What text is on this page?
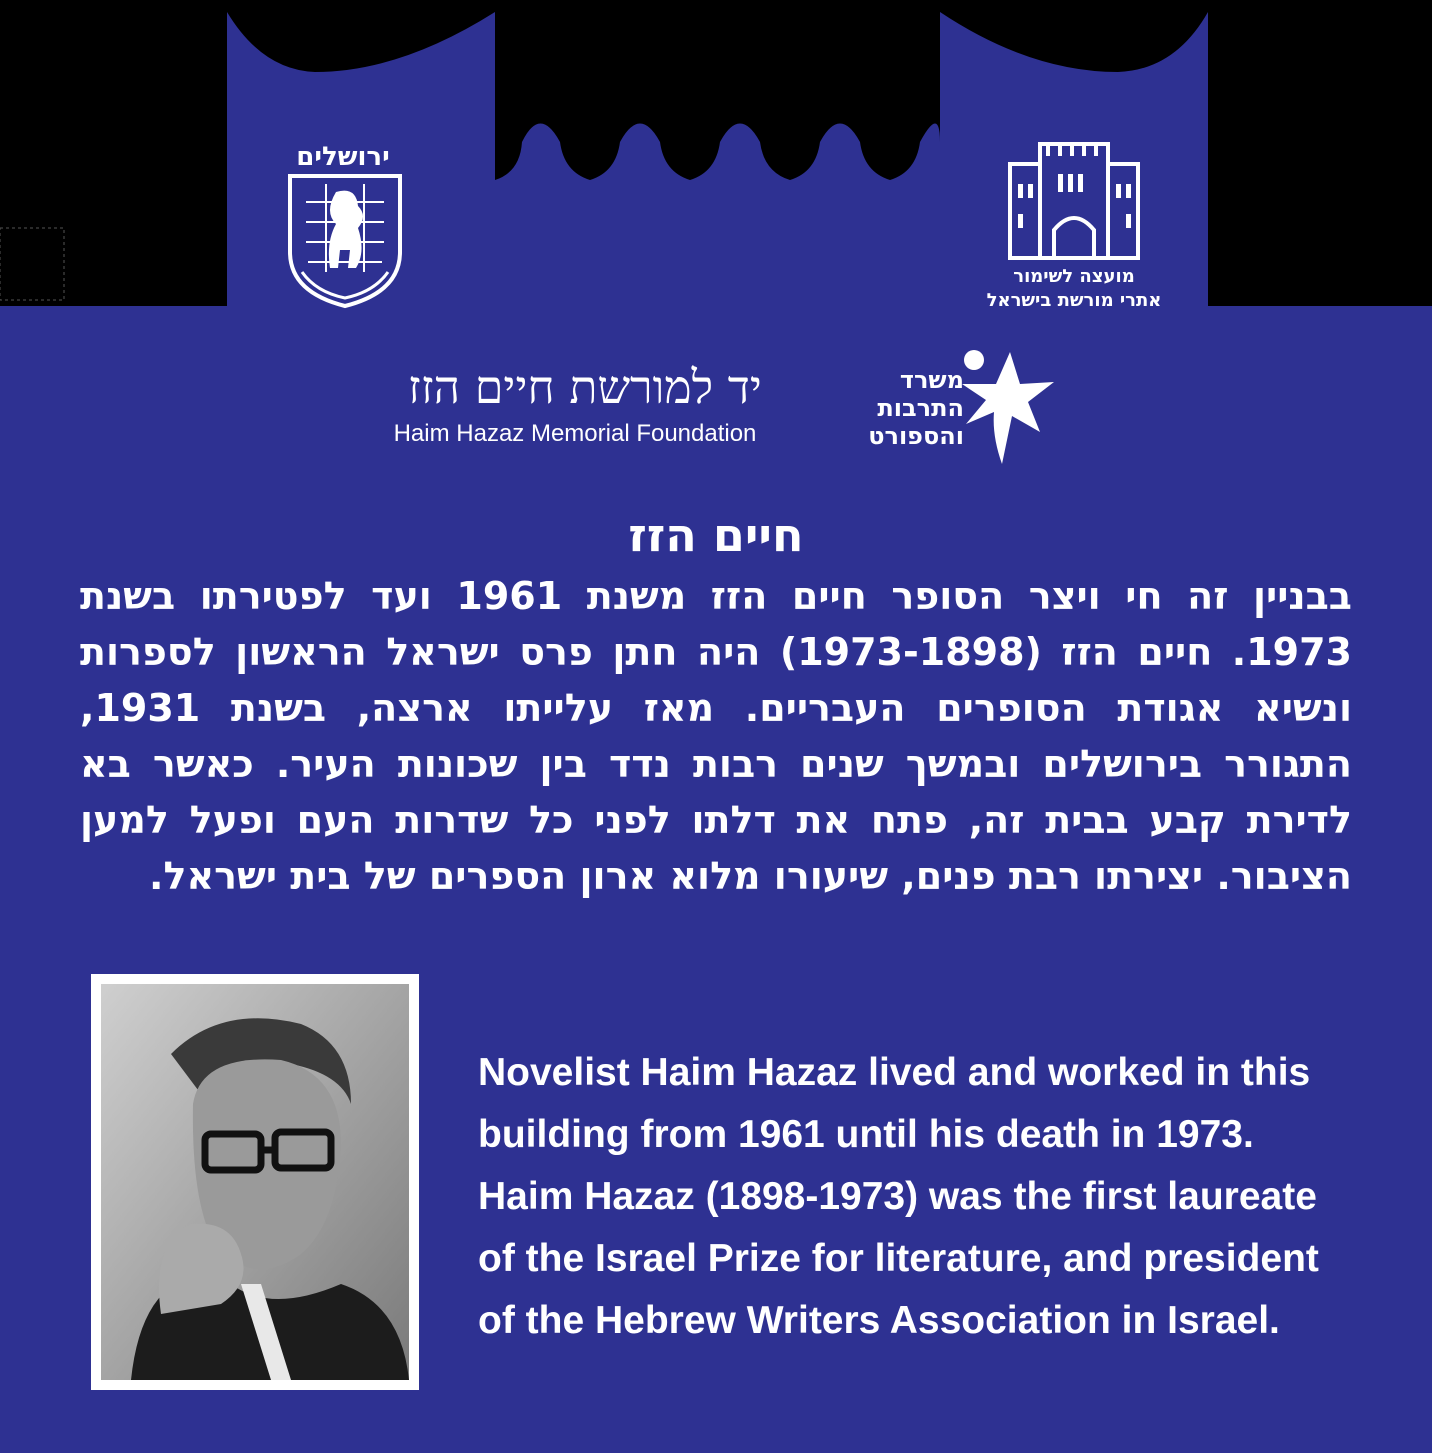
ירושלים
מועצה לשימור
אתרי מורשת בישראל
יד למורשת חיים הזז
Haim Hazaz Memorial Foundation
משרד
התרבות
והספורט
חיים הזז

בבניין זה חי ויצר הסופר חיים הזז משנת 1961 ועד לפטירתו בשנת 1973. חיים הזז (1973-1898) היה חתן פרס ישראל הראשון לספרות ונשיא אגודת הסופרים העבריים. מאז עלייתו ארצה, בשנת 1931, התגורר בירושלים ובמשך שנים רבות נדד בין שכונות העיר. כאשר בא לדירת קבע בבית זה, פתח את דלתו לפני כל שדרות העם ופעל למען הציבור. יצירתו רבת פנים, שיעורו מלוא ארון הספרים של בית ישראל.

Novelist Haim Hazaz lived and worked in this building from 1961 until his death in 1973. Haim Hazaz (1898-1973) was the first laureate of the Israel Prize for literature, and president of the Hebrew Writers Association in Israel.
